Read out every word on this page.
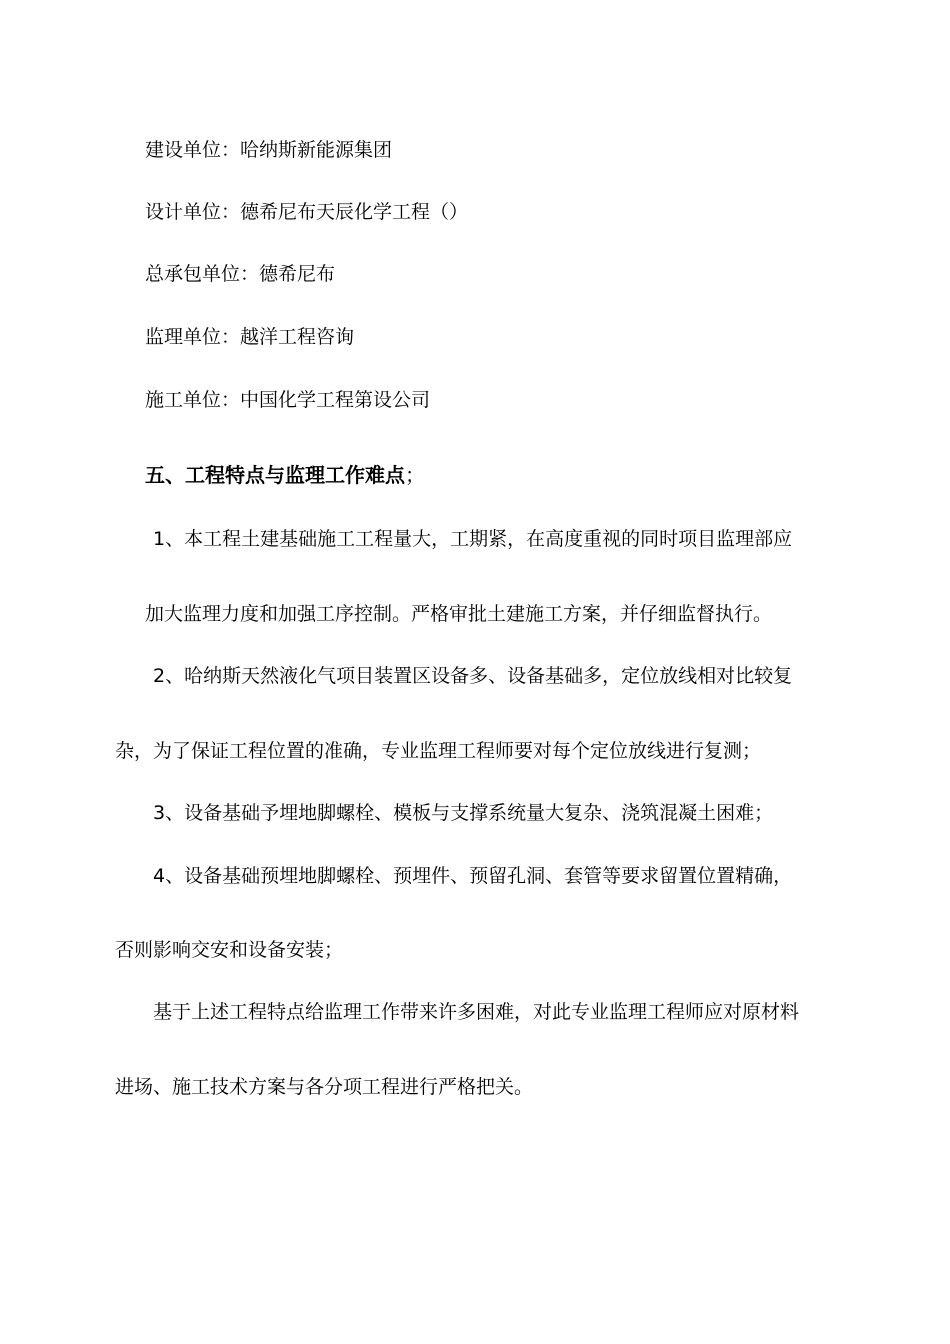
建设单位：哈纳斯新能源集团
设计单位：德希尼布天辰化学工程（）
总承包单位：德希尼布
监理单位：越洋工程咨询
施工单位：中国化学工程第设公司
五、工程特点与监理工作难点；
1、本工程土建基础施工工程量大，工期紧，在高度重视的同时项目监理部应
加大监理力度和加强工序控制。严格审批土建施工方案，并仔细监督执行。
2、哈纳斯天然液化气项目装置区设备多、设备基础多，定位放线相对比较复
杂，为了保证工程位置的准确，专业监理工程师要对每个定位放线进行复测；
3、设备基础予埋地脚螺栓、模板与支撑系统量大复杂、浇筑混凝土困难；
4、设备基础预埋地脚螺栓、预埋件、预留孔洞、套管等要求留置位置精确，
否则影响交安和设备安装；
基于上述工程特点给监理工作带来许多困难，对此专业监理工程师应对原材料
进场、施工技术方案与各分项工程进行严格把关。
